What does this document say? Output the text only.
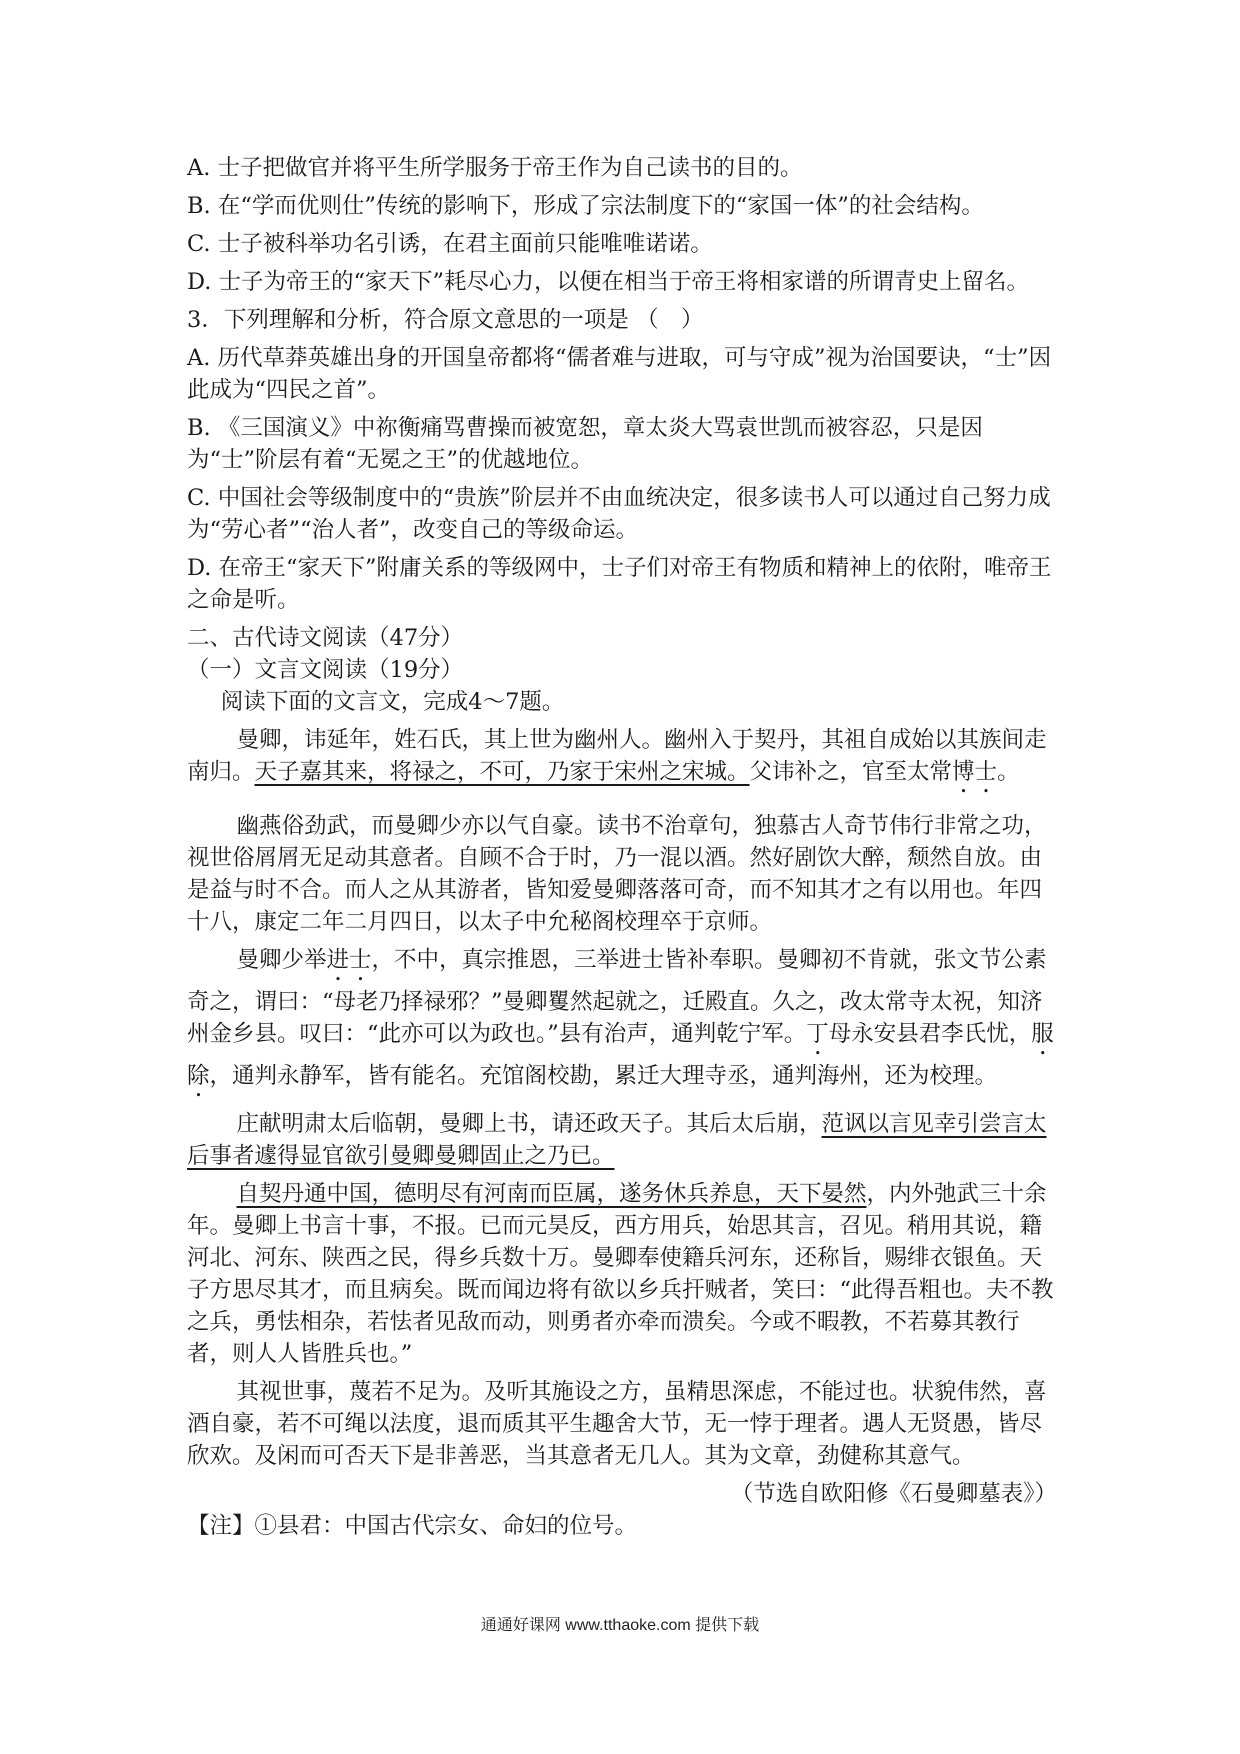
A. 士子把做官并将平生所学服务于帝王作为自己读书的目的。

B. 在“学而优则仕”传统的影响下，形成了宗法制度下的“家国一体”的社会结构。

C. 士子被科举功名引诱，在君主面前只能唯唯诺诺。

D. 士子为帝王的“家天下”耗尽心力，以便在相当于帝王将相家谱的所谓青史上留名。

3．下列理解和分析，符合原文意思的一项是 （　）

A. 历代草莽英雄出身的开国皇帝都将“儒者难与进取，可与守成”视为治国要诀，“士”因此成为“四民之首”。

B. 《三国演义》中祢衡痛骂曹操而被宽恕，章太炎大骂袁世凯而被容忍，只是因为“士”阶层有着“无冕之王”的优越地位。

C. 中国社会等级制度中的“贵族”阶层并不由血统决定，很多读书人可以通过自己努力成为“劳心者”“治人者”，改变自己的等级命运。

D. 在帝王“家天下”附庸关系的等级网中，士子们对帝王有物质和精神上的依附，唯帝王之命是听。

二、古代诗文阅读（47分）

（一）文言文阅读（19分）

阅读下面的文言文，完成4～7题。

曼卿，讳延年，姓石氏，其上世为幽州人。幽州入于契丹，其祖自成始以其族间走南归。天子嘉其来，将禄之，不可，乃家于宋州之宋城。父讳补之，官至太常博士。

幽燕俗劲武，而曼卿少亦以气自豪。读书不治章句，独慕古人奇节伟行非常之功，视世俗屑屑无足动其意者。自顾不合于时，乃一混以酒。然好剧饮大醉，颓然自放。由是益与时不合。而人之从其游者，皆知爱曼卿落落可奇，而不知其才之有以用也。年四十八，康定二年二月四日，以太子中允秘阁校理卒于京师。

曼卿少举进士，不中，真宗推恩，三举进士皆补奉职。曼卿初不肯就，张文节公素奇之，谓曰：“母老乃择禄邪？”曼卿矍然起就之，迁殿直。久之，改太常寺太祝，知济州金乡县。叹曰：“此亦可以为政也。”县有治声，通判乾宁军。丁母永安县君李氏忧，服除，通判永静军，皆有能名。充馆阁校勘，累迁大理寺丞，通判海州，还为校理。

庄献明肃太后临朝，曼卿上书，请还政天子。其后太后崩，范讽以言见幸引尝言太后事者遽得显官欲引曼卿曼卿固止之乃已。

自契丹通中国，德明尽有河南而臣属，遂务休兵养息，天下晏然，内外弛武三十余年。曼卿上书言十事，不报。已而元昊反，西方用兵，始思其言，召见。稍用其说，籍河北、河东、陕西之民，得乡兵数十万。曼卿奉使籍兵河东，还称旨，赐绯衣银鱼。天子方思尽其才，而且病矣。既而闻边将有欲以乡兵扞贼者，笑曰：“此得吾粗也。夫不教之兵，勇怯相杂，若怯者见敌而动，则勇者亦牵而溃矣。今或不暇教，不若募其教行者，则人人皆胜兵也。”

其视世事，蔑若不足为。及听其施设之方，虽精思深虑，不能过也。状貌伟然，喜酒自豪，若不可绳以法度，退而质其平生趣舍大节，无一悖于理者。遇人无贤愚，皆尽欣欢。及闲而可否天下是非善恶，当其意者无几人。其为文章，劲健称其意气。

（节选自欧阳修《石曼卿墓表》）

【注】①县君：中国古代宗女、命妇的位号。

通通好课网 www.tthaoke.com 提供下载
